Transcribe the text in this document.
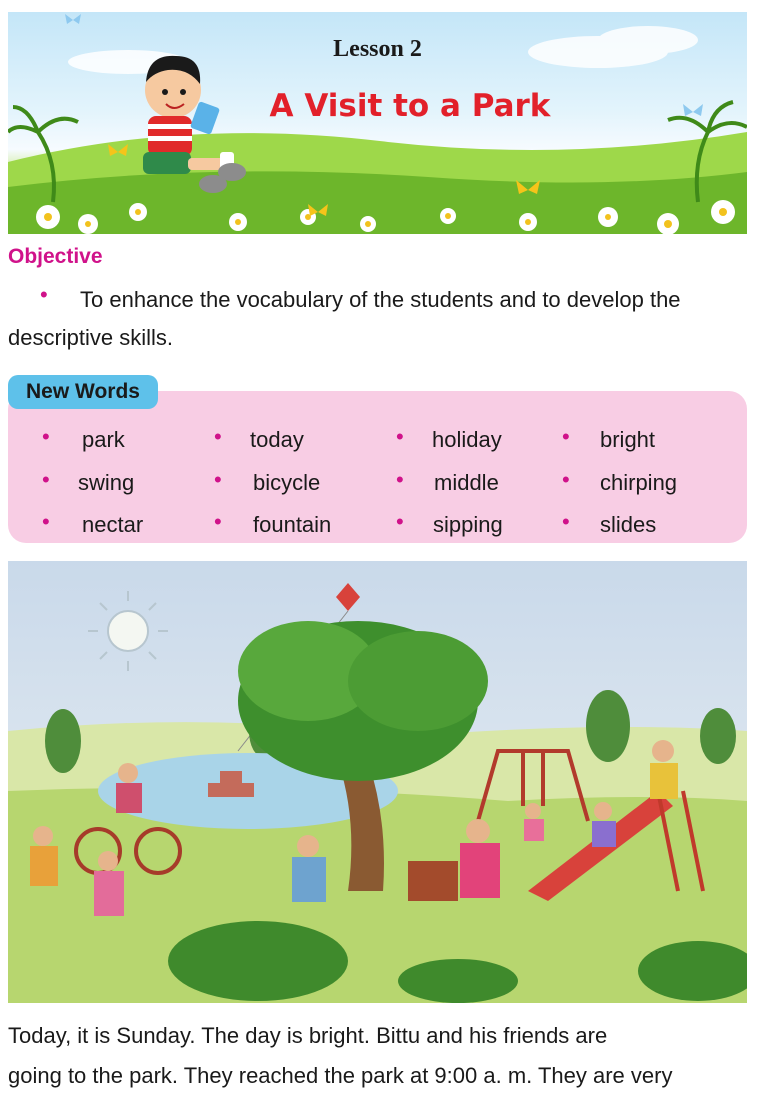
Lesson 2
A Visit to a Park
Objective
• To enhance the vocabulary of the students and to develop the
descriptive skills.
• park	• today	• holiday	• bright
• swing	• bicycle	• middle	• chirping
• nectar	• fountain	• sipping	• slides
New Words
Today, it is Sunday. The day is bright. Bittu and his friends are
going to the park. They reached the park at 9:00 a. m. They are very
